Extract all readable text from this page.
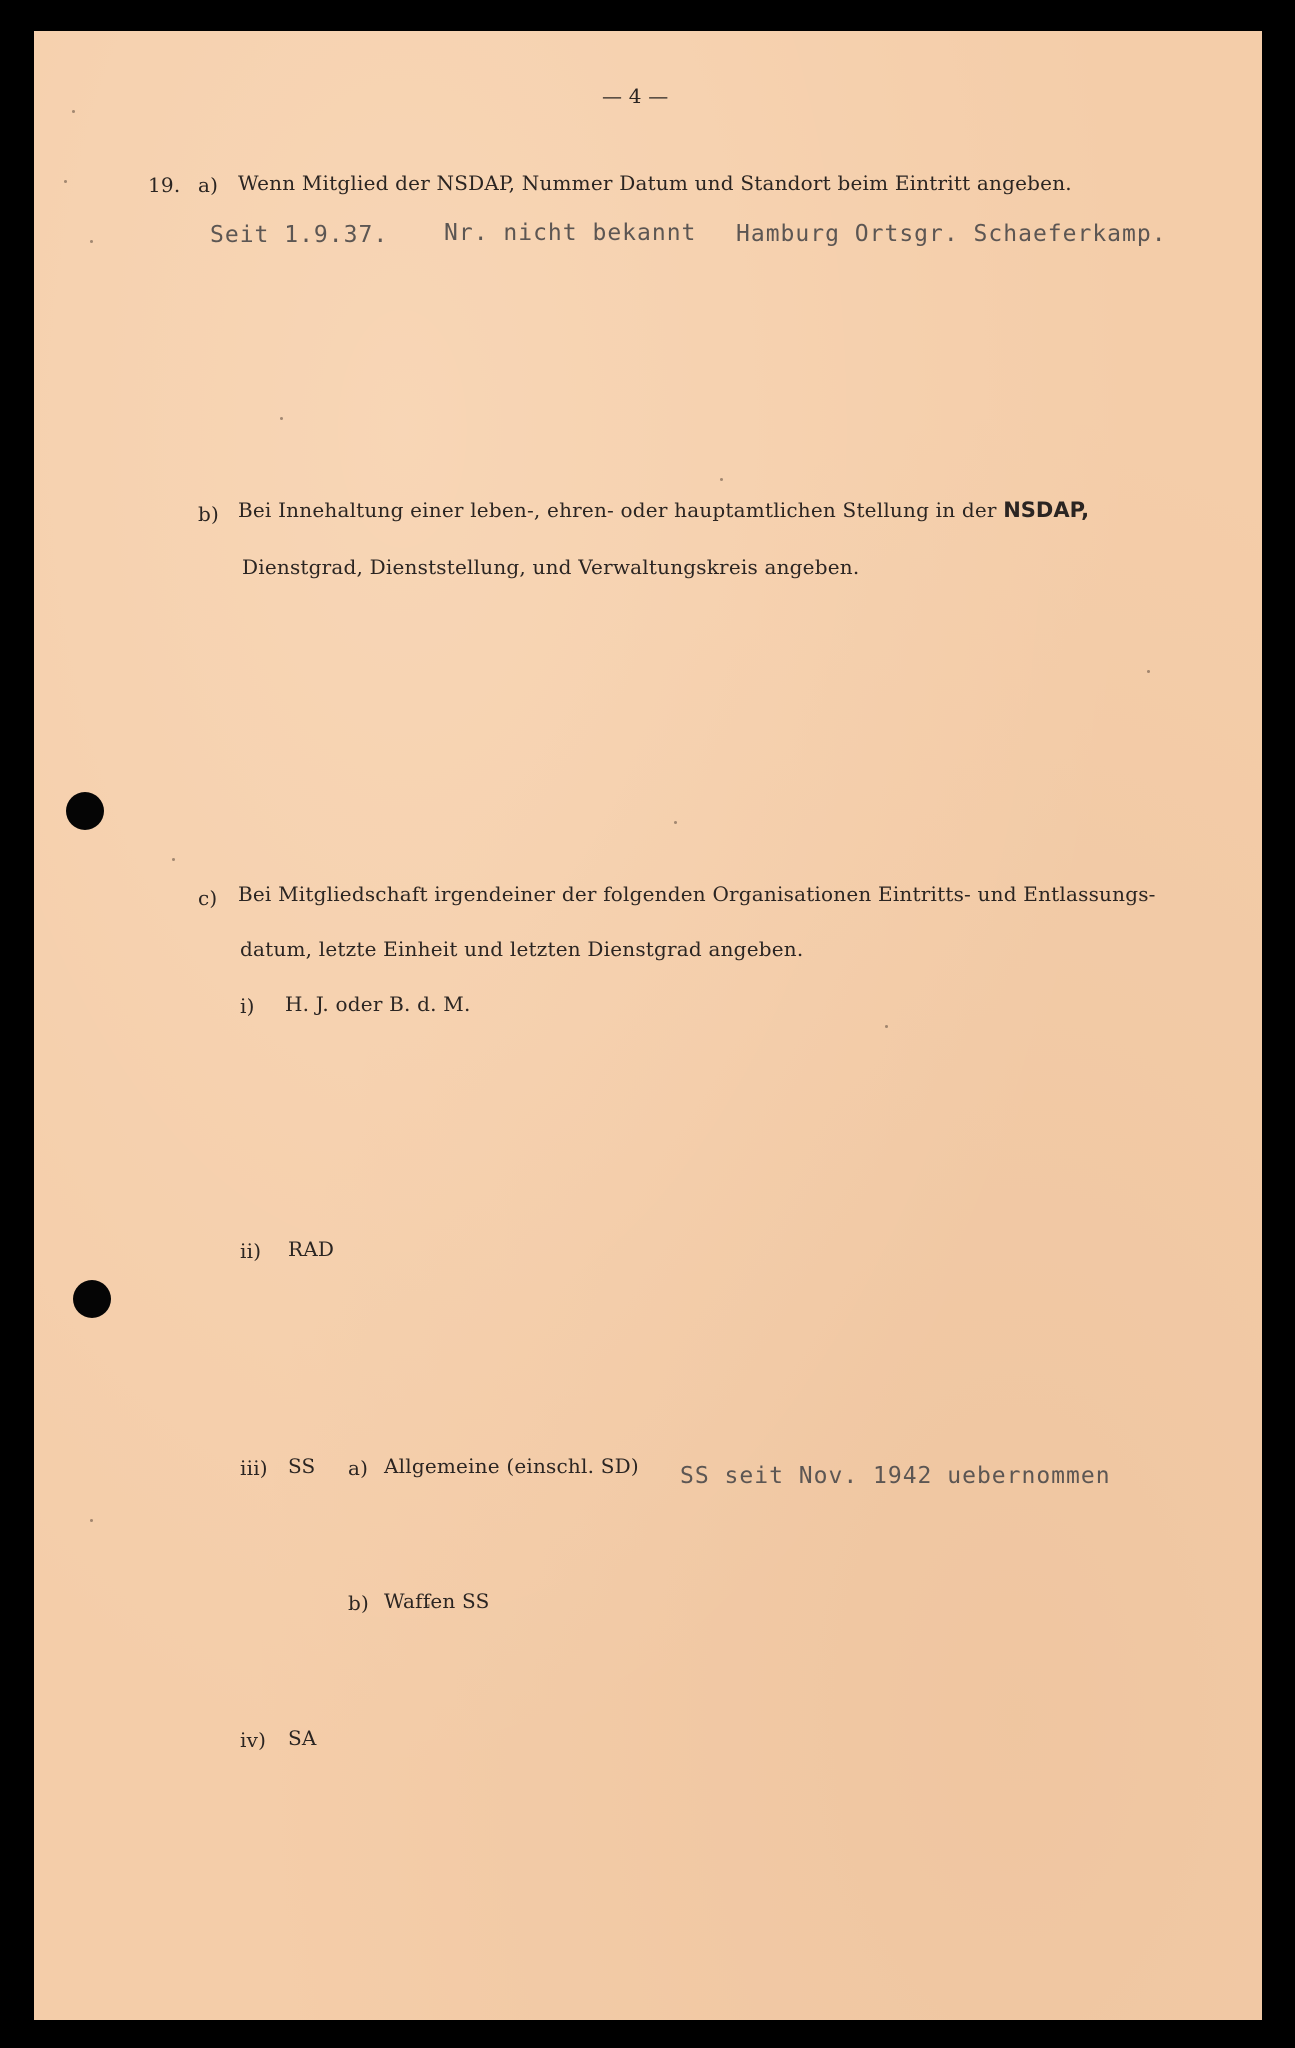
— 4 —
19. a) Wenn Mitglied der NSDAP, Nummer Datum und Standort beim Eintritt angeben.
Seit 1.9.37. Nr. nicht bekannt Hamburg Ortsgr. Schaeferkamp.
b) Bei Innehaltung einer leben-, ehren- oder hauptamtlichen Stellung in der NSDAP,
Dienstgrad, Dienststellung, und Verwaltungskreis angeben.
c) Bei Mitgliedschaft irgendeiner der folgenden Organisationen Eintritts- und Entlassungs-
datum, letzte Einheit und letzten Dienstgrad angeben.
i) H. J. oder B. d. M.
ii) RAD
iii) SS a) Allgemeine (einschl. SD) SS seit Nov. 1942 uebernommen
b) Waffen SS
iv) SA
